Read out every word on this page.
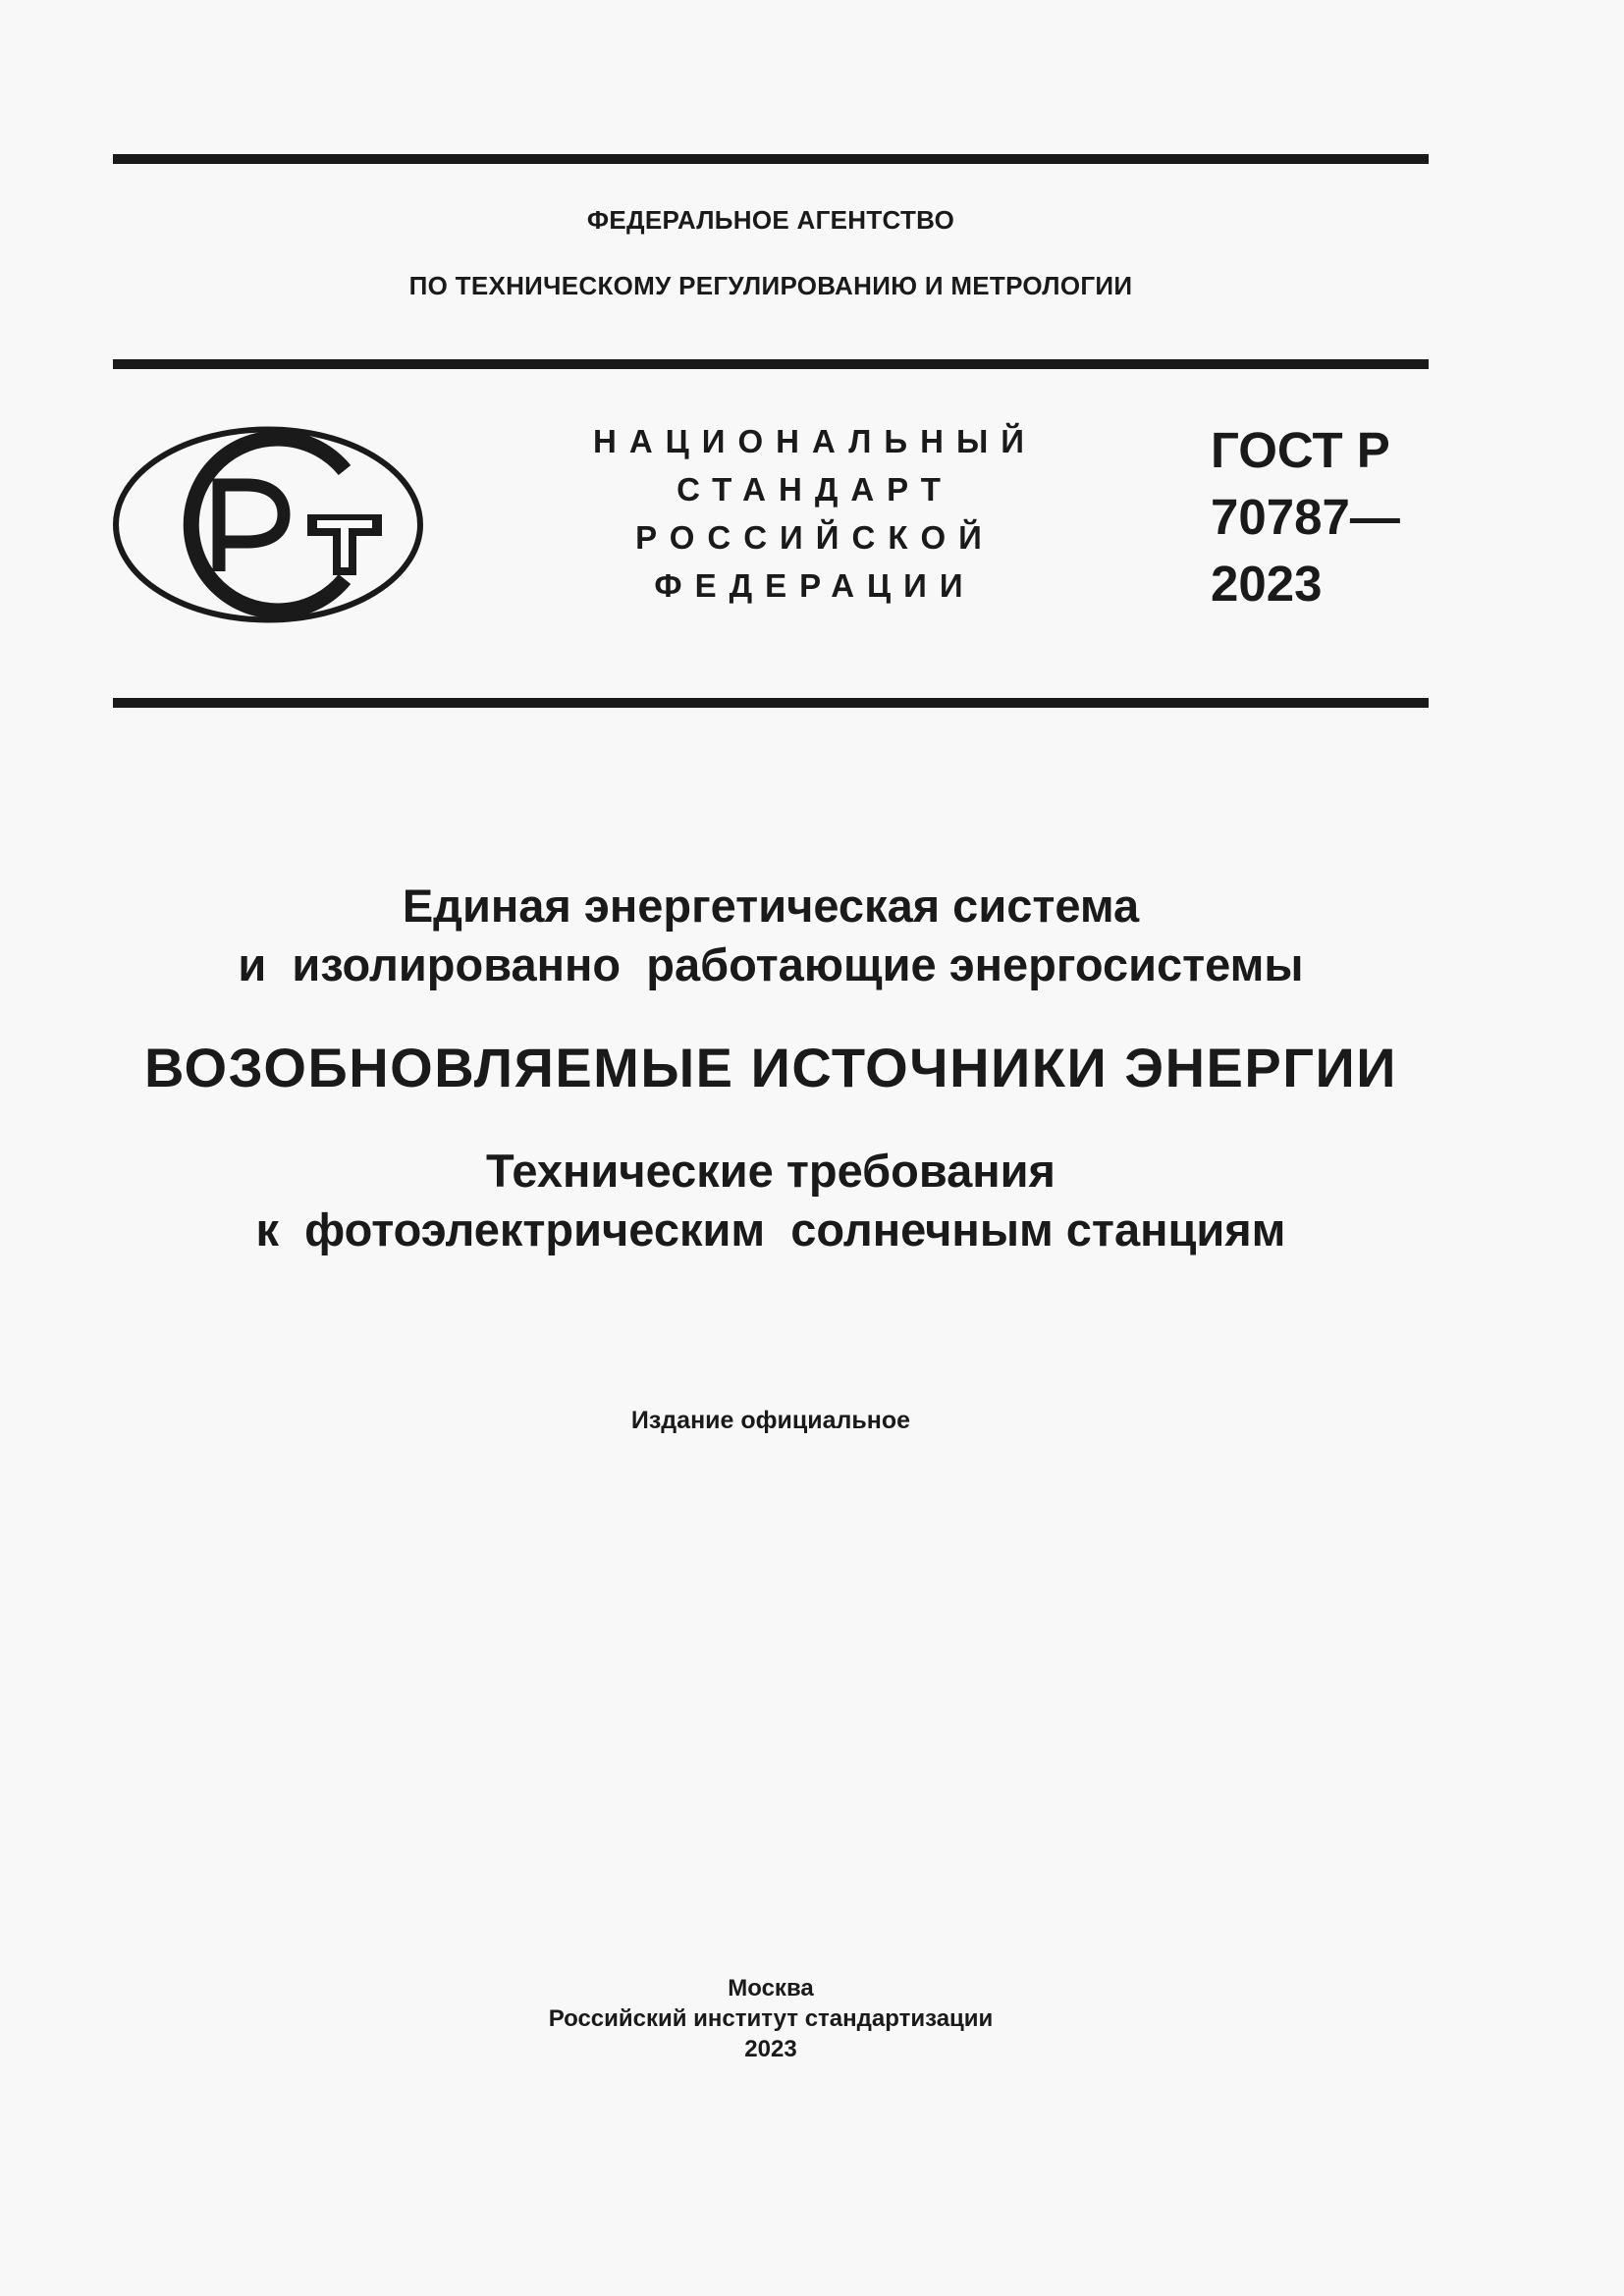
ФЕДЕРАЛЬНОЕ АГЕНТСТВО
ПО ТЕХНИЧЕСКОМУ РЕГУЛИРОВАНИЮ И МЕТРОЛОГИИ
НАЦИОНАЛЬНЫЙ
СТАНДАРТ
РОССИЙСКОЙ
ФЕДЕРАЦИИ
ГОСТ Р
70787—
2023
Единая энергетическая система
и  изолированно  работающие энергосистемы
ВОЗОБНОВЛЯЕМЫЕ ИСТОЧНИКИ ЭНЕРГИИ
Технические требования
к  фотоэлектрическим  солнечным станциям
Издание официальное
Москва
Российский институт стандартизации
2023
